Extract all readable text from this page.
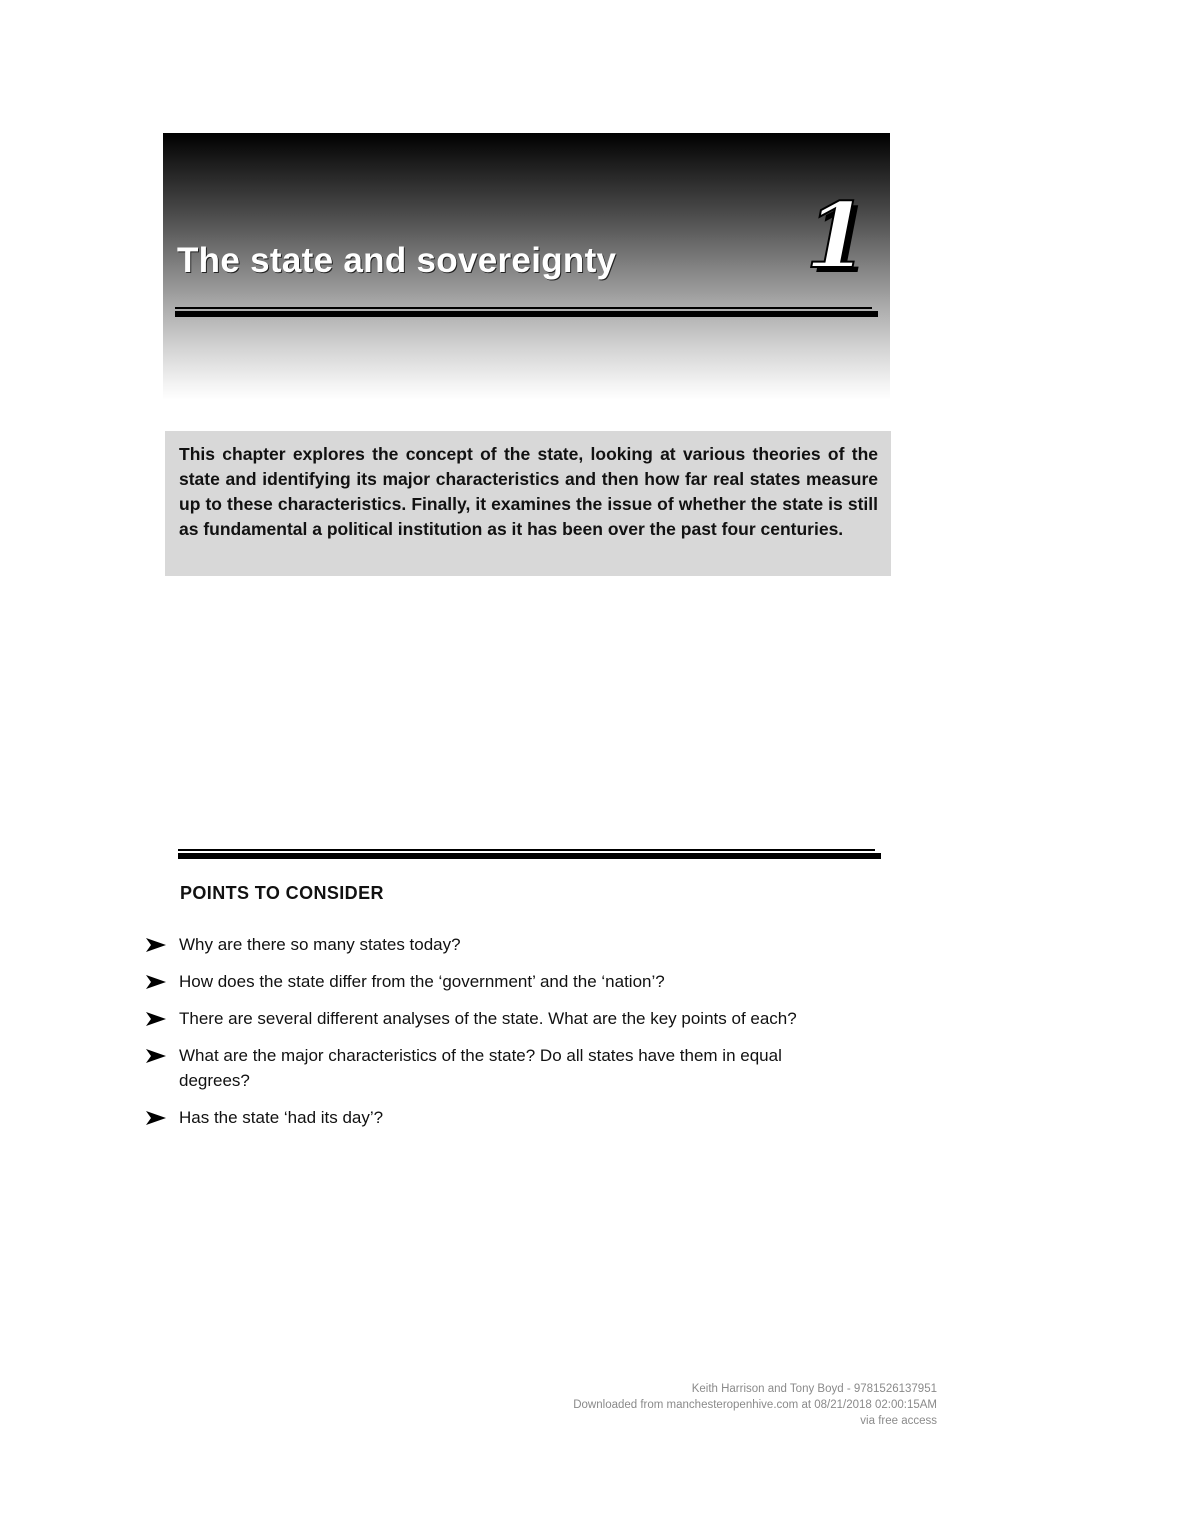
The state and sovereignty 1

This chapter explores the concept of the state, looking at various theories of the state and identifying its major characteristics and then how far real states measure up to these characteristics. Finally, it examines the issue of whether the state is still as fundamental a political institution as it has been over the past four centuries.

POINTS TO CONSIDER
Why are there so many states today?
How does the state differ from the ‘government’ and the ‘nation’?
There are several different analyses of the state. What are the key points of each?
What are the major characteristics of the state? Do all states have them in equal degrees?
Has the state ‘had its day’?
Keith Harrison and Tony Boyd - 9781526137951
Downloaded from manchesteropenhive.com at 08/21/2018 02:00:15AM
via free access
